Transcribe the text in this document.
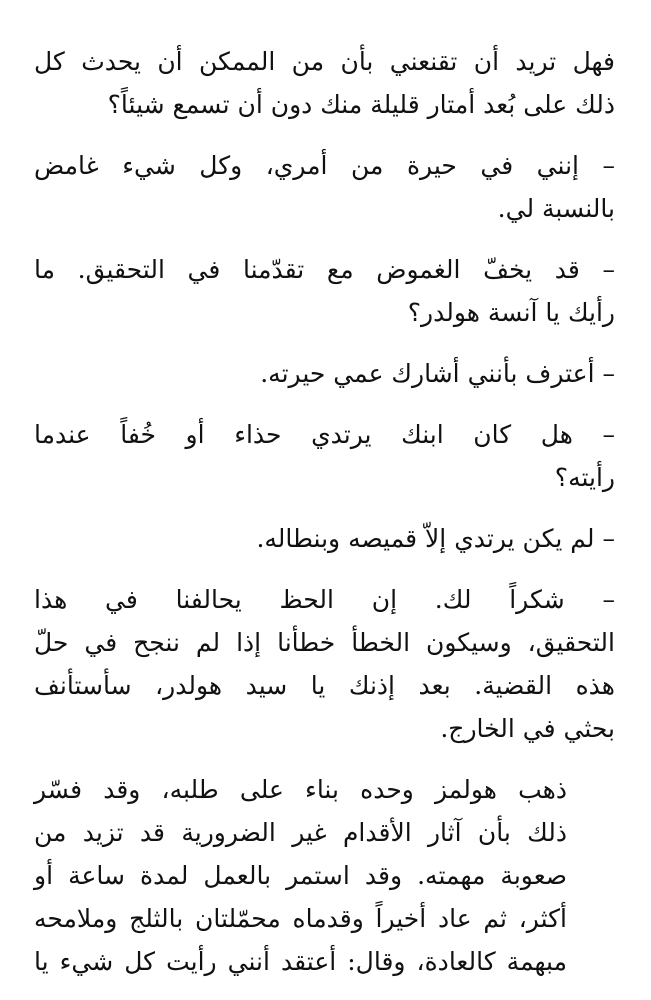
فهل تريد أن تقنعني بأن من الممكن أن يحدث كل
ذلك على بُعد أمتار قليلة منك دون أن تسمع شيئاً؟

– إنني في حيرة من أمري، وكل شيء غامض
بالنسبة لي.

– قد يخفّ الغموض مع تقدّمنا في التحقيق. ما
رأيك يا آنسة هولدر؟

– أعترف بأنني أشارك عمي حيرته.

– هل كان ابنك يرتدي حذاء أو خُفاً عندما
رأيته؟

– لم يكن يرتدي إلاّ قميصه وبنطاله.

– شكراً لك. إن الحظ يحالفنا في هذا
التحقيق، وسيكون الخطأ خطأنا إذا لم ننجح في حلّ
هذه القضية. بعد إذنك يا سيد هولدر، سأستأنف
بحثي في الخارج.

ذهب هولمز وحده بناء على طلبه، وقد فسّر
ذلك بأن آثار الأقدام غير الضرورية قد تزيد من
صعوبة مهمته. وقد استمر بالعمل لمدة ساعة أو
أكثر، ثم عاد أخيراً وقدماه محمّلتان بالثلج وملامحه
مبهمة كالعادة، وقال: أعتقد أنني رأيت كل شيء يا
